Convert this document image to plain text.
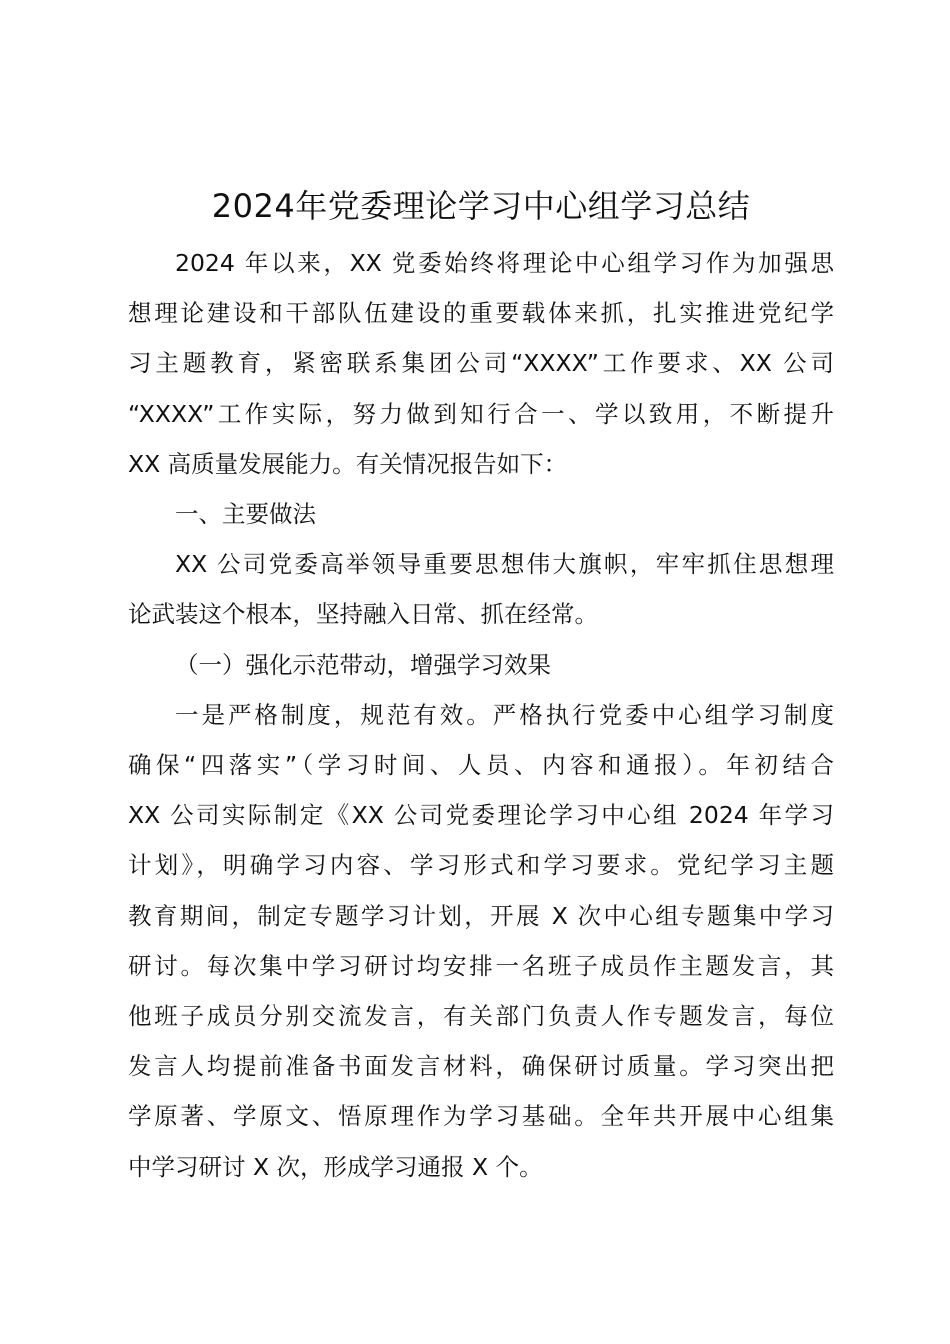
2024年党委理论学习中心组学习总结
2024 年以来，XX 党委始终将理论中心组学习作为加强思
想理论建设和干部队伍建设的重要载体来抓，扎实推进党纪学
习主题教育，紧密联系集团公司“XXXX”工作要求、XX 公司
“XXXX”工作实际，努力做到知行合一、学以致用，不断提升
XX 高质量发展能力。有关情况报告如下：
一、主要做法
XX 公司党委高举领导重要思想伟大旗帜，牢牢抓住思想理
论武装这个根本，坚持融入日常、抓在经常。
（一）强化示范带动，增强学习效果
一是严格制度，规范有效。严格执行党委中心组学习制度
确保“四落实”（学习时间、人员、内容和通报）。年初结合
XX 公司实际制定《XX 公司党委理论学习中心组 2024 年学习
计划》，明确学习内容、学习形式和学习要求。党纪学习主题
教育期间，制定专题学习计划，开展 X 次中心组专题集中学习
研讨。每次集中学习研讨均安排一名班子成员作主题发言，其
他班子成员分别交流发言，有关部门负责人作专题发言，每位
发言人均提前准备书面发言材料，确保研讨质量。学习突出把
学原著、学原文、悟原理作为学习基础。全年共开展中心组集
中学习研讨 X 次，形成学习通报 X 个。
